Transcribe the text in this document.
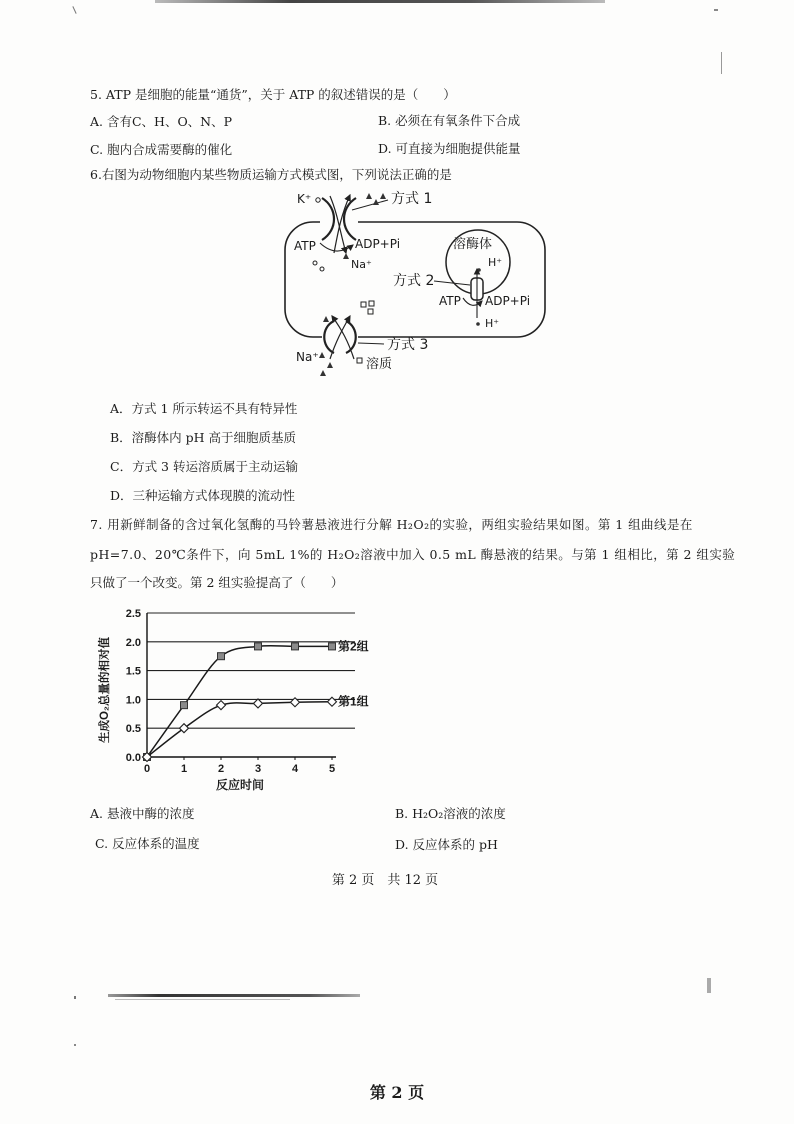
5. ATP 是细胞的能量“通货”，关于 ATP 的叙述错误的是（　　）
A. 含有C、H、O、N、P	B. 必须在有氧条件下合成
C. 胞内合成需要酶的催化	D. 可直接为细胞提供能量
6.右图为动物细胞内某些物质运输方式模式图，下列说法正确的是
K⁺	方式 1
ATP	ADP+Pi
Na⁺
溶酶体
H⁺
ATP ADP+Pi
H⁺
方式 2
方式 3
Na⁺	溶质
A．方式 1 所示转运不具有特异性
B．溶酶体内 pH 高于细胞质基质
C．方式 3 转运溶质属于主动运输
D．三种运输方式体现膜的流动性
7. 用新鲜制备的含过氧化氢酶的马铃薯悬液进行分解 H₂O₂的实验，两组实验结果如图。第 1 组曲线是在
pH=7.0、20℃条件下，向 5mL 1%的 H₂O₂溶液中加入 0.5 mL 酶悬液的结果。与第 1 组相比，第 2 组实验
只做了一个改变。第 2 组实验提高了（　　）
生成O₂总量的相对值
反应时间
0.0
0.5
1.0
1.5
2.0
2.5
0	1	2	3	4	5
第2组
第1组
A. 悬液中酶的浓度	B. H₂O₂溶液的浓度
C. 反应体系的温度	D. 反应体系的 pH
第 2 页　共 12 页
第 2 页
